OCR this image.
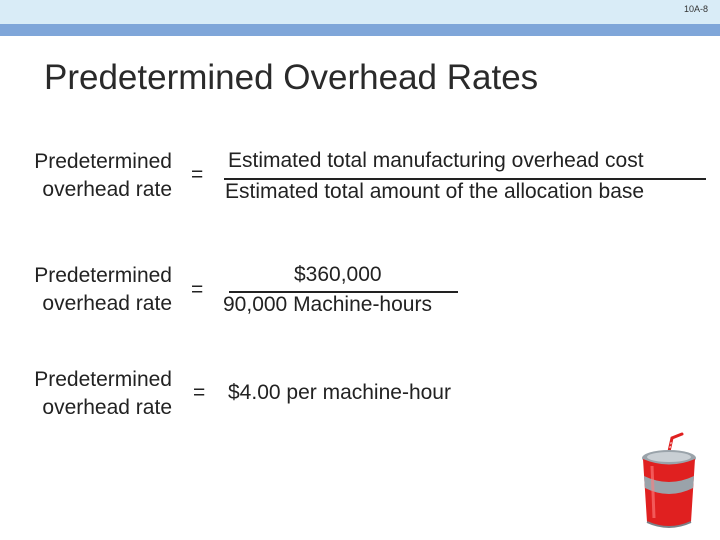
10A-8
Predetermined Overhead Rates
Predetermined
overhead rate
=
Estimated total manufacturing overhead cost
Estimated total amount of the allocation base
Predetermined
overhead rate
=
$360,000
90,000 Machine-hours
Predetermined
overhead rate
= $4.00 per machine-hour
